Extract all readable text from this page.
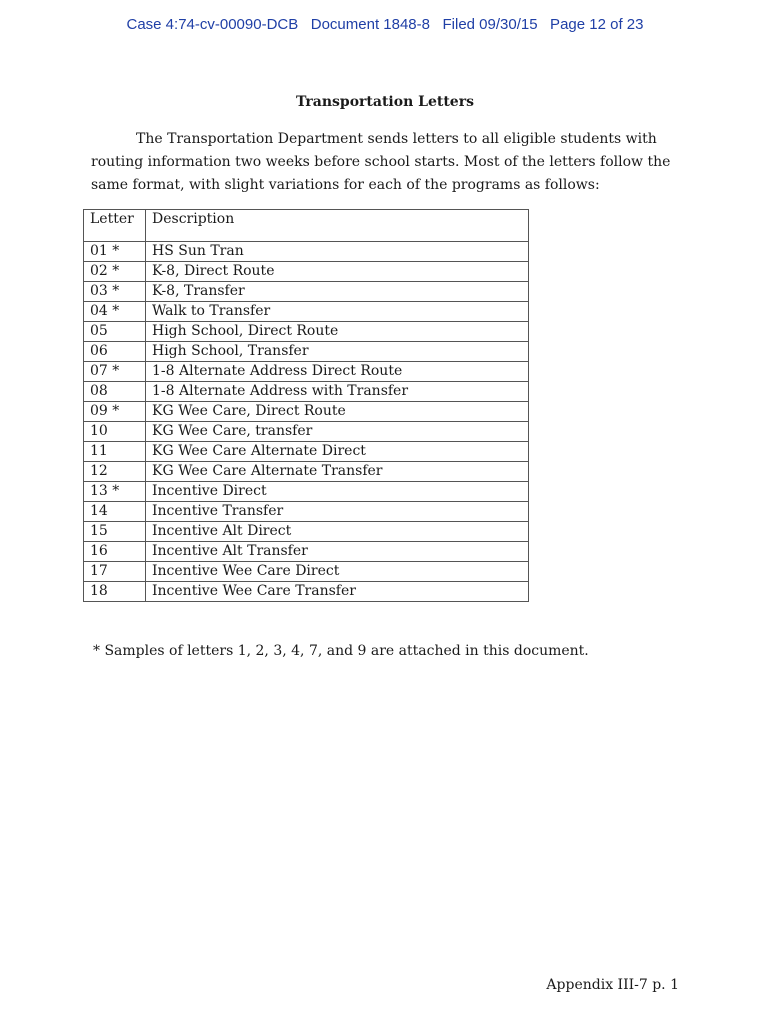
Case 4:74-cv-00090-DCB   Document 1848-8   Filed 09/30/15   Page 12 of 23
Transportation Letters

The Transportation Department sends letters to all eligible students with routing information two weeks before school starts. Most of the letters follow the same format, with slight variations for each of the programs as follows:

Letter	Description
01 *	HS Sun Tran
02 *	K-8, Direct Route
03 *	K-8, Transfer
04 *	Walk to Transfer
05	High School, Direct Route
06	High School, Transfer
07 *	1-8 Alternate Address Direct Route
08	1-8 Alternate Address with Transfer
09 *	KG Wee Care, Direct Route
10	KG Wee Care, transfer
11	KG Wee Care Alternate Direct
12	KG Wee Care Alternate Transfer
13 *	Incentive Direct
14	Incentive Transfer
15	Incentive Alt Direct
16	Incentive Alt Transfer
17	Incentive Wee Care Direct
18	Incentive Wee Care Transfer
* Samples of letters 1, 2, 3, 4, 7, and 9 are attached in this document.
Appendix III-7 p. 1
